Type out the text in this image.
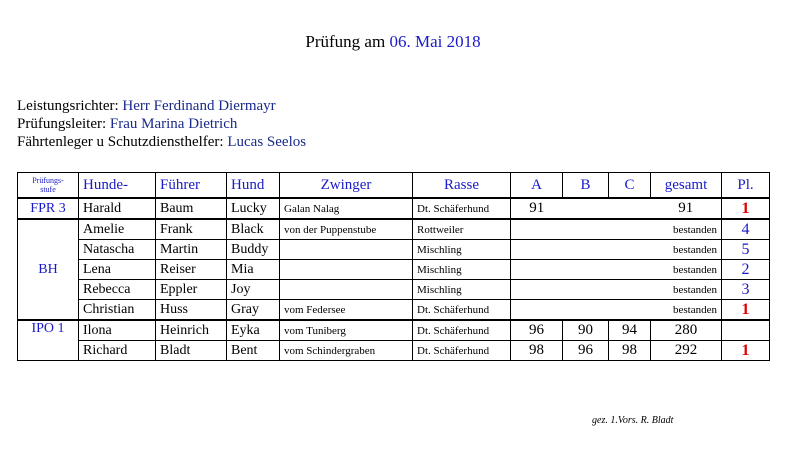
Prüfung am 06. Mai 2018
Leistungsrichter: Herr Ferdinand Diermayr
Prüfungsleiter: Frau Marina Dietrich
Fährtenleger u Schutzdiensthelfer: Lucas Seelos
Prüfungs-
stufe	Hunde-	Führer	Hund	Zwinger	Rasse	A	B	C	gesamt	Pl.
FPR 3	Harald	Baum	Lucky	Galan Nalag	Dt. Schäferhund	91			91	1
BH	Amelie	Frank	Black	von der Puppenstube	Rottweiler	bestanden				4
	Natascha	Martin	Buddy		Mischling	bestanden				5
	Lena	Reiser	Mia		Mischling	bestanden				2
	Rebecca	Eppler	Joy		Mischling	bestanden				3
	Christian	Huss	Gray	vom Federsee	Dt. Schäferhund	bestanden				1
IPO 1	Ilona	Heinrich	Eyka	vom Tuniberg	Dt. Schäferhund	96	90	94	280	
	Richard	Bladt	Bent	vom Schindergraben	Dt. Schäferhund	98	96	98	292	1
gez. 1.Vors. R. Bladt
